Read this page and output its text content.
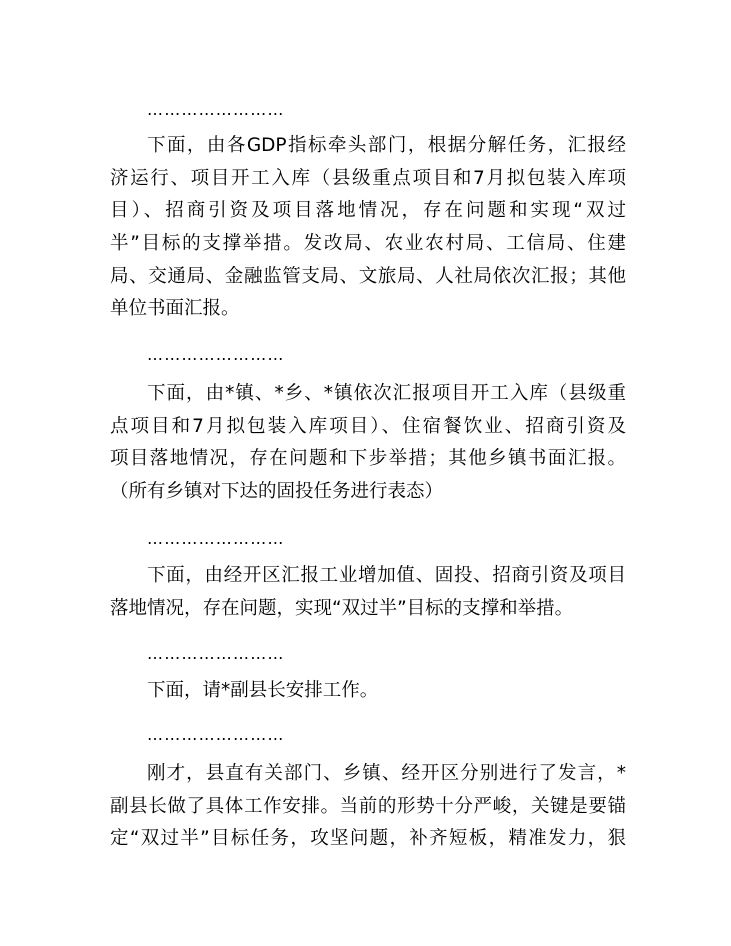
……………………
下面，由各GDP指标牵头部门，根据分解任务，汇报经
济运行、项目开工入库（县级重点项目和7月拟包装入库项
目）、招商引资及项目落地情况，存在问题和实现“双过
半”目标的支撑举措。发改局、农业农村局、工信局、住建
局、交通局、金融监管支局、文旅局、人社局依次汇报；其他
单位书面汇报。
……………………
下面，由*镇、*乡、*镇依次汇报项目开工入库（县级重
点项目和7月拟包装入库项目）、住宿餐饮业、招商引资及
项目落地情况，存在问题和下步举措；其他乡镇书面汇报。
（所有乡镇对下达的固投任务进行表态）
……………………
下面，由经开区汇报工业增加值、固投、招商引资及项目
落地情况，存在问题，实现“双过半”目标的支撑和举措。
……………………
下面，请*副县长安排工作。
……………………
刚才，县直有关部门、乡镇、经开区分别进行了发言，*
副县长做了具体工作安排。当前的形势十分严峻，关键是要锚
定“双过半”目标任务，攻坚问题，补齐短板，精准发力，狠
